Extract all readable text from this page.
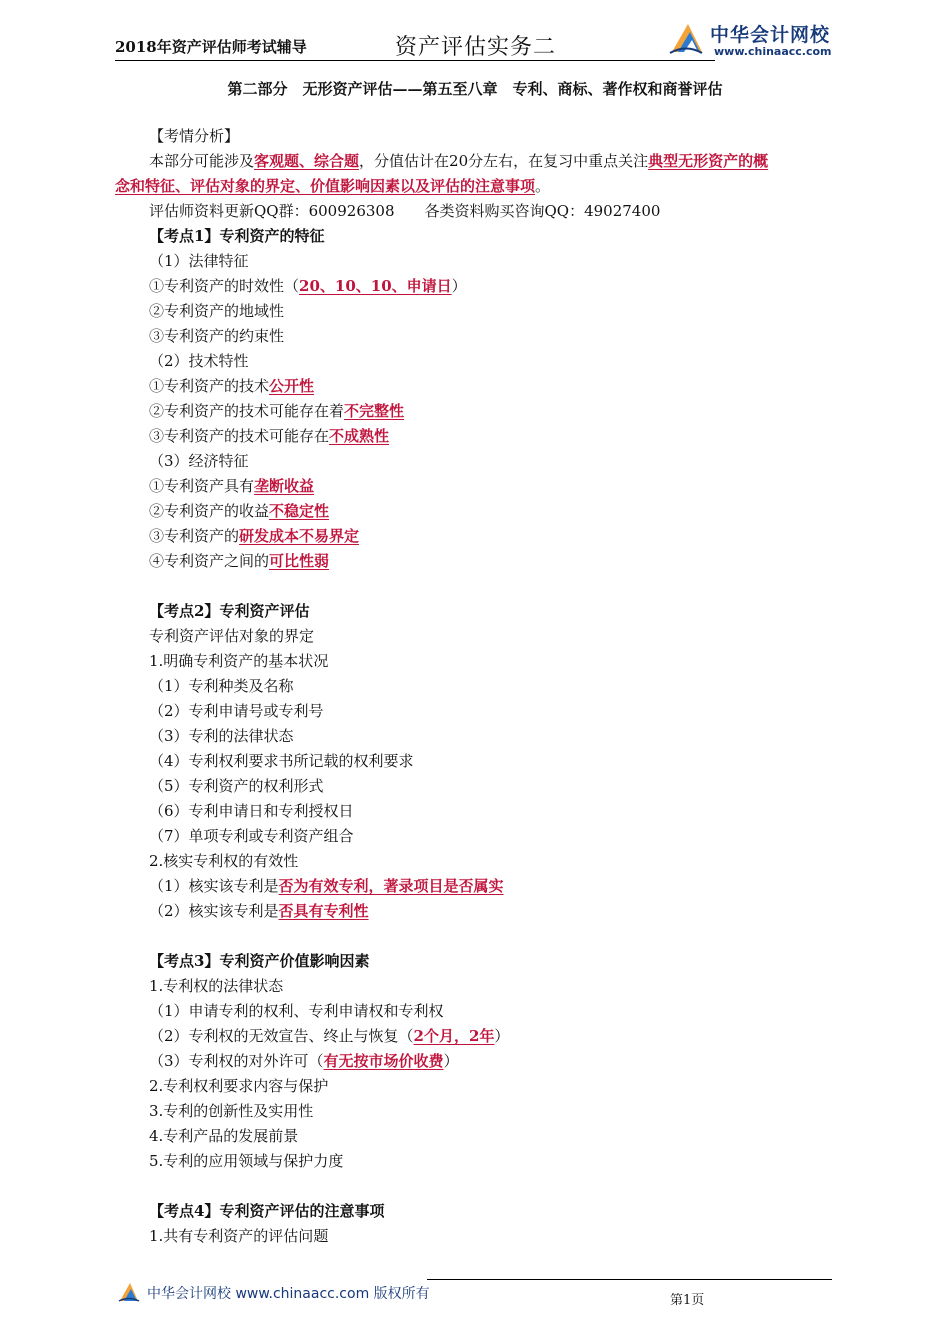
2018年资产评估师考试辅导	资产评估实务二	中华会计网校
www.chinaacc.com
第二部分　无形资产评估——第五至八章　专利、商标、著作权和商誉评估
【考情分析】
本部分可能涉及客观题、综合题，分值估计在20分左右，在复习中重点关注典型无形资产的概
念和特征、评估对象的界定、价值影响因素以及评估的注意事项。
评估师资料更新QQ群：600926308　　各类资料购买咨询QQ：49027400
【考点1】专利资产的特征
（1）法律特征
①专利资产的时效性（20、10、10、申请日）
②专利资产的地域性
③专利资产的约束性
（2）技术特性
①专利资产的技术公开性
②专利资产的技术可能存在着不完整性
③专利资产的技术可能存在不成熟性
（3）经济特征
①专利资产具有垄断收益
②专利资产的收益不稳定性
③专利资产的研发成本不易界定
④专利资产之间的可比性弱
【考点2】专利资产评估
专利资产评估对象的界定
1.明确专利资产的基本状况
（1）专利种类及名称
（2）专利申请号或专利号
（3）专利的法律状态
（4）专利权利要求书所记载的权利要求
（5）专利资产的权利形式
（6）专利申请日和专利授权日
（7）单项专利或专利资产组合
2.核实专利权的有效性
（1）核实该专利是否为有效专利，著录项目是否属实
（2）核实该专利是否具有专利性
【考点3】专利资产价值影响因素
1.专利权的法律状态
（1）申请专利的权利、专利申请权和专利权
（2）专利权的无效宣告、终止与恢复（2个月，2年）
（3）专利权的对外许可（有无按市场价收费）
2.专利权利要求内容与保护
3.专利的创新性及实用性
4.专利产品的发展前景
5.专利的应用领域与保护力度
【考点4】专利资产评估的注意事项
1.共有专利资产的评估问题
中华会计网校 www.chinaacc.com 版权所有	第1页
